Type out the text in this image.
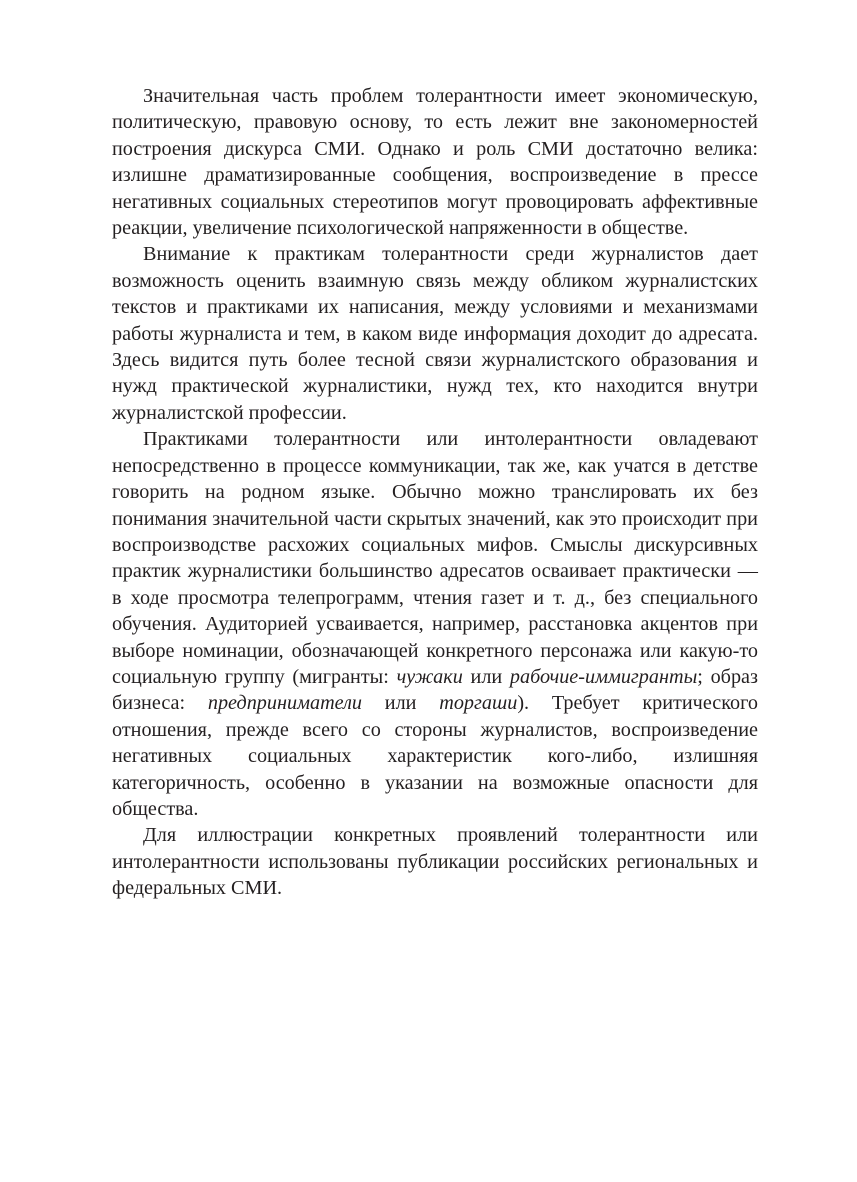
Значительная часть проблем толерантности имеет экономическую, политическую, правовую основу, то есть лежит вне закономерностей построения дискурса СМИ. Однако и роль СМИ достаточно велика: излишне драматизированные сообщения, воспроизведение в прессе негативных социальных стереотипов могут провоцировать аффективные реакции, увеличение психологической напряженности в обществе.

Внимание к практикам толерантности среди журналистов дает возможность оценить взаимную связь между обликом журналистских текстов и практиками их написания, между условиями и механизмами работы журналиста и тем, в каком виде информация доходит до адресата. Здесь видится путь более тесной связи журналистского образования и нужд практической журналистики, нужд тех, кто находится внутри журналистской профессии.

Практиками толерантности или интолерантности овладевают непосредственно в процессе коммуникации, так же, как учатся в детстве говорить на родном языке. Обычно можно транслировать их без понимания значительной части скрытых значений, как это происходит при воспроизводстве расхожих социальных мифов. Смыслы дискурсивных практик журналистики большинство адресатов осваивает практически — в ходе просмотра телепрограмм, чтения газет и т. д., без специального обучения. Аудиторией усваивается, например, расстановка акцентов при выборе номинации, обозначающей конкретного персонажа или какую-то социальную группу (мигранты: чужаки или рабочие-иммигранты; образ бизнеса: предприниматели или торгаши). Требует критического отношения, прежде всего со стороны журналистов, воспроизведение негативных социальных характеристик кого-либо, излишняя категоричность, особенно в указании на возможные опасности для общества.

Для иллюстрации конкретных проявлений толерантности или интолерантности использованы публикации российских региональных и федеральных СМИ.
